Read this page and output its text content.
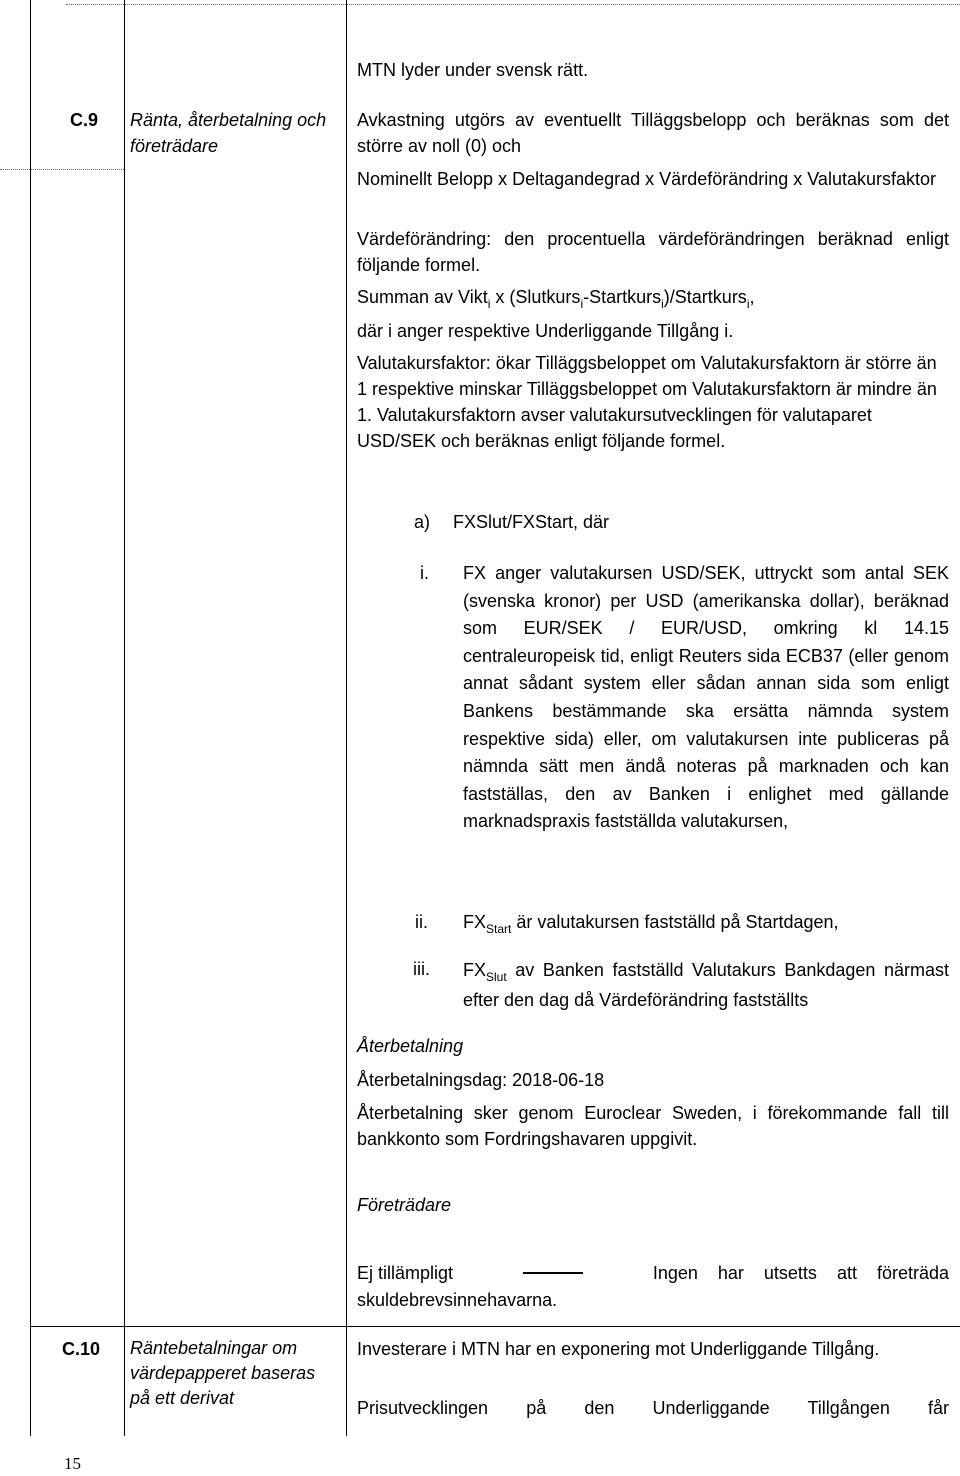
MTN lyder under svensk rätt.
C.9 Ränta, återbetalning och företrädare
Avkastning utgörs av eventuellt Tilläggsbelopp och beräknas som det större av noll (0) och
Nominellt Belopp x Deltagandegrad x Värdeförändring x Valutakursfaktor
Värdeförändring: den procentuella värdeförändringen beräknad enligt följande formel.
Summan av Vikt$_i$ x (Slutkurs$_i$-Startkurs$_i$)/Startkurs$_i$,
där i anger respektive Underliggande Tillgång i.
Valutakursfaktor: ökar Tilläggsbeloppet om Valutakursfaktorn är större än 1 respektive minskar Tilläggsbeloppet om Valutakursfaktorn är mindre än 1. Valutakursfaktorn avser valutakursutvecklingen för valutaparet USD/SEK och beräknas enligt följande formel.
a) FXSlut/FXStart, där
i. FX anger valutakursen USD/SEK, uttryckt som antal SEK (svenska kronor) per USD (amerikanska dollar), beräknad som EUR/SEK / EUR/USD, omkring kl 14.15 centraleuropeisk tid, enligt Reuters sida ECB37 (eller genom annat sådant system eller sådan annan sida som enligt Bankens bestämmande ska ersätta nämnda system respektive sida) eller, om valutakursen inte publiceras på nämnda sätt men ändå noteras på marknaden och kan fastställas, den av Banken i enlighet med gällande marknadspraxis fastställda valutakursen,
ii. $FX_{Start}$ är valutakursen fastställd på Startdagen,
iii. $FX_{Slut}$ av Banken fastställd Valutakurs Bankdagen närmast efter den dag då Värdeförändring fastställts
Återbetalning
Återbetalningsdag: 2018-06-18
Återbetalning sker genom Euroclear Sweden, i förekommande fall till bankkonto som Fordringshavaren uppgivit.
Företrädare
Ej tillämpligt	Ingen    har    utsetts    att    företräda
skuldebrevsinnehavarna.
C.10 Räntebetalningar om värdepapperet baseras på ett derivat
Investerare i MTN har en exponering mot Underliggande Tillgång.
Prisutvecklingen på den Underliggande Tillgången får
15
